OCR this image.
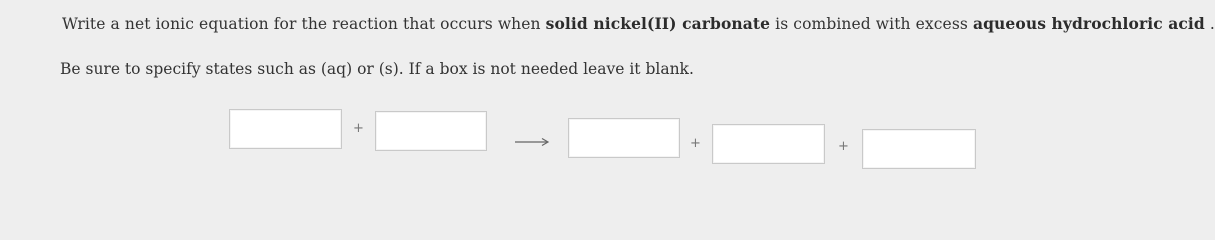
Write a net ionic equation for the reaction that occurs when solid nickel(II) carbonate is combined with excess aqueous hydrochloric acid .
Be sure to specify states such as (aq) or (s). If a box is not needed leave it blank.
+
+	+
